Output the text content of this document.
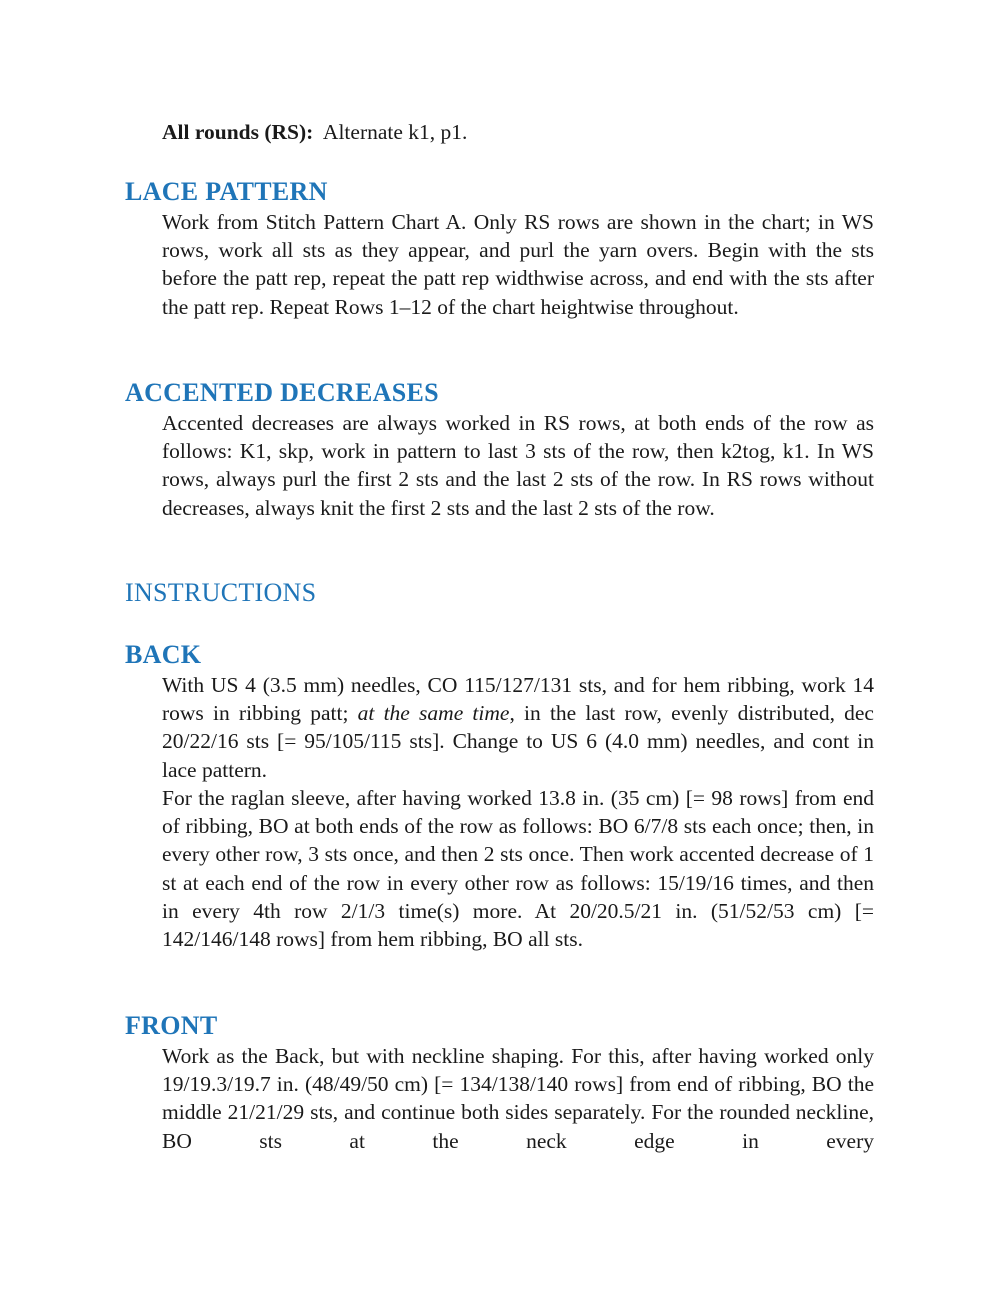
All rounds (RS): Alternate k1, p1.
LACE PATTERN

Work from Stitch Pattern Chart A. Only RS rows are shown in the chart; in WS rows, work all sts as they appear, and purl the yarn overs. Begin with the sts before the patt rep, repeat the patt rep widthwise across, and end with the sts after the patt rep. Repeat Rows 1–12 of the chart heightwise throughout.

ACCENTED DECREASES

Accented decreases are always worked in RS rows, at both ends of the row as follows: K1, skp, work in pattern to last 3 sts of the row, then k2tog, k1. In WS rows, always purl the first 2 sts and the last 2 sts of the row. In RS rows without decreases, always knit the first 2 sts and the last 2 sts of the row.

INSTRUCTIONS
BACK

With US 4 (3.5 mm) needles, CO 115/127/131 sts, and for hem ribbing, work 14 rows in ribbing patt; at the same time, in the last row, evenly distributed, dec 20/22/16 sts [= 95/105/115 sts]. Change to US 6 (4.0 mm) needles, and cont in lace pattern.

For the raglan sleeve, after having worked 13.8 in. (35 cm) [= 98 rows] from end of ribbing, BO at both ends of the row as follows: BO 6/7/8 sts each once; then, in every other row, 3 sts once, and then 2 sts once. Then work accented decrease of 1 st at each end of the row in every other row as follows: 15/19/16 times, and then in every 4th row 2/1/3 time(s) more. At 20/20.5/21 in. (51/52/53 cm) [= 142/146/148 rows] from hem ribbing, BO all sts.

FRONT

Work as the Back, but with neckline shaping. For this, after having worked only 19/19.3/19.7 in. (48/49/50 cm) [= 134/138/140 rows] from end of ribbing, BO the middle 21/21/29 sts, and continue both sides separately. For the rounded neckline, BO sts at the neck edge in every
